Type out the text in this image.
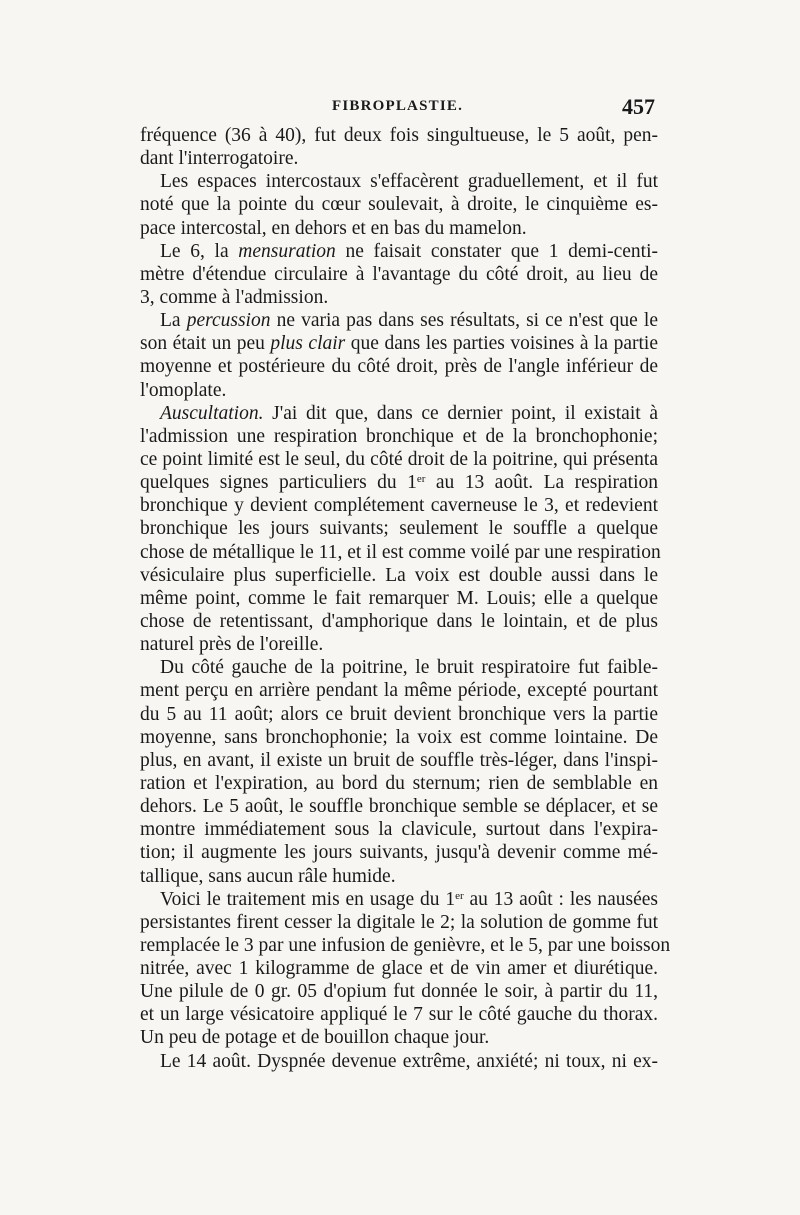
FIBROPLASTIE.	457
fréquence (36 à 40), fut deux fois singultueuse, le 5 août, pen-
dant l'interrogatoire.
Les espaces intercostaux s'effacèrent graduellement, et il fut
noté que la pointe du cœur soulevait, à droite, le cinquième es-
pace intercostal, en dehors et en bas du mamelon.
Le 6, la mensuration ne faisait constater que 1 demi-centi-
mètre d'étendue circulaire à l'avantage du côté droit, au lieu de
3, comme à l'admission.
La percussion ne varia pas dans ses résultats, si ce n'est que le
son était un peu plus clair que dans les parties voisines à la partie
moyenne et postérieure du côté droit, près de l'angle inférieur de
l'omoplate.
Auscultation. J'ai dit que, dans ce dernier point, il existait à
l'admission une respiration bronchique et de la bronchophonie;
ce point limité est le seul, du côté droit de la poitrine, qui présenta
quelques signes particuliers du 1er au 13 août. La respiration
bronchique y devient complétement caverneuse le 3, et redevient
bronchique les jours suivants; seulement le souffle a quelque
chose de métallique le 11, et il est comme voilé par une respiration
vésiculaire plus superficielle. La voix est double aussi dans le
même point, comme le fait remarquer M. Louis; elle a quelque
chose de retentissant, d'amphorique dans le lointain, et de plus
naturel près de l'oreille.
Du côté gauche de la poitrine, le bruit respiratoire fut faible-
ment perçu en arrière pendant la même période, excepté pourtant
du 5 au 11 août; alors ce bruit devient bronchique vers la partie
moyenne, sans bronchophonie; la voix est comme lointaine. De
plus, en avant, il existe un bruit de souffle très-léger, dans l'inspi-
ration et l'expiration, au bord du sternum; rien de semblable en
dehors. Le 5 août, le souffle bronchique semble se déplacer, et se
montre immédiatement sous la clavicule, surtout dans l'expira-
tion; il augmente les jours suivants, jusqu'à devenir comme mé-
tallique, sans aucun râle humide.
Voici le traitement mis en usage du 1er au 13 août : les nausées
persistantes firent cesser la digitale le 2; la solution de gomme fut
remplacée le 3 par une infusion de genièvre, et le 5, par une boisson
nitrée, avec 1 kilogramme de glace et de vin amer et diurétique.
Une pilule de 0 gr. 05 d'opium fut donnée le soir, à partir du 11,
et un large vésicatoire appliqué le 7 sur le côté gauche du thorax.
Un peu de potage et de bouillon chaque jour.
Le 14 août. Dyspnée devenue extrême, anxiété; ni toux, ni ex-
